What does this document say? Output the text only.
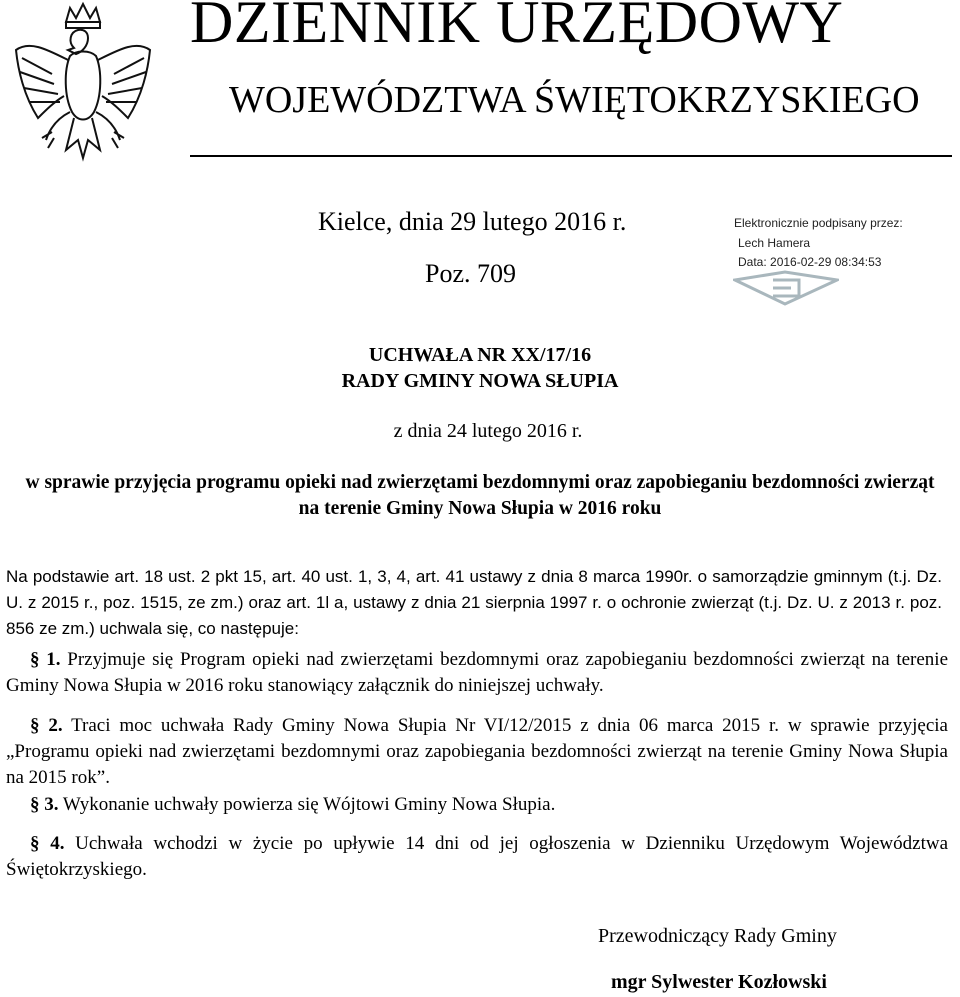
DZIENNIK URZĘDOWY
WOJEWÓDZTWA ŚWIĘTOKRZYSKIEGO
Kielce, dnia 29 lutego 2016 r.
Poz. 709
Elektronicznie podpisany przez:
Lech Hamera
Data: 2016-02-29 08:34:53
UCHWAŁA NR XX/17/16
RADY GMINY NOWA SŁUPIA
z dnia 24 lutego 2016 r.
w sprawie przyjęcia programu opieki nad zwierzętami bezdomnymi oraz zapobieganiu bezdomności zwierząt na terenie Gminy Nowa Słupia w 2016 roku
Na podstawie art. 18 ust. 2 pkt 15, art. 40 ust. 1, 3, 4, art. 41 ustawy z dnia 8 marca 1990r. o samorządzie gminnym (t.j. Dz. U. z 2015 r., poz. 1515, ze zm.) oraz art. 1l a, ustawy z dnia 21 sierpnia 1997 r. o ochronie zwierząt (t.j. Dz. U. z 2013 r. poz. 856 ze zm.) uchwala się, co następuje:
§ 1. Przyjmuje się Program opieki nad zwierzętami bezdomnymi oraz zapobieganiu bezdomności zwierząt na terenie Gminy Nowa Słupia w 2016 roku stanowiący załącznik do niniejszej uchwały.
§ 2. Traci moc uchwała Rady Gminy Nowa Słupia Nr VI/12/2015 z dnia 06 marca 2015 r. w sprawie przyjęcia „Programu opieki nad zwierzętami bezdomnymi oraz zapobiegania bezdomności zwierząt na terenie Gminy Nowa Słupia na 2015 rok”.
§ 3. Wykonanie uchwały powierza się Wójtowi Gminy Nowa Słupia.
§ 4. Uchwała wchodzi w życie po upływie 14 dni od jej ogłoszenia w Dzienniku Urzędowym Województwa Świętokrzyskiego.
Przewodniczący Rady Gminy
mgr Sylwester Kozłowski
